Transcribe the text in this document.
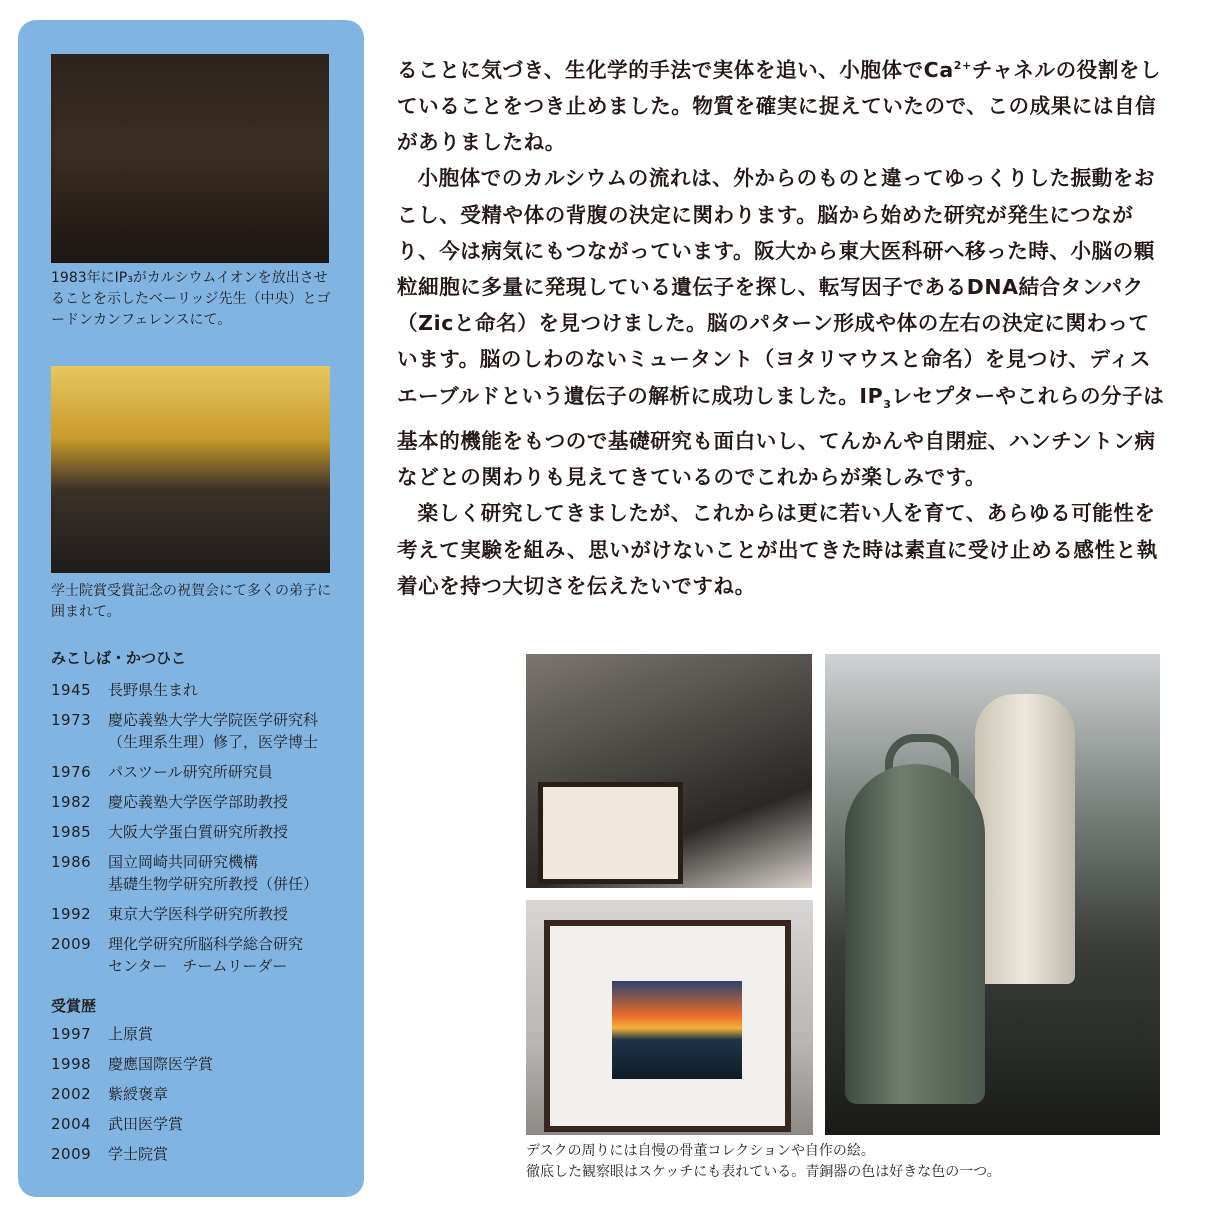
1983年にIP₃がカルシウムイオンを放出させることを示したベーリッジ先生（中央）とゴードンカンフェレンスにて。
学士院賞受賞記念の祝賀会にて多くの弟子に囲まれて。
みこしば・かつひこ
1945	長野県生まれ
1973	慶応義塾大学大学院医学研究科
（生理系生理）修了，医学博士
1976	パスツール研究所研究員
1982	慶応義塾大学医学部助教授
1985	大阪大学蛋白質研究所教授
1986	国立岡崎共同研究機構
基礎生物学研究所教授（併任）
1992	東京大学医科学研究所教授
2009	理化学研究所脳科学総合研究
センター　チームリーダー
受賞歴
1997	上原賞
1998	慶應国際医学賞
2002	紫綬褒章
2004	武田医学賞
2009	学士院賞

ることに気づき、生化学的手法で実体を追い、小胞体で$Ca^{2+}$チャネルの役割をしていることをつき止めました。物質を確実に捉えていたので、この成果には自信がありましたね。

小胞体でのカルシウムの流れは、外からのものと違ってゆっくりした振動をおこし、受精や体の背腹の決定に関わります。脳から始めた研究が発生につながり、今は病気にもつながっています。阪大から東大医科研へ移った時、小脳の顆粒細胞に多量に発現している遺伝子を探し、転写因子であるDNA結合タンパク（Zicと命名）を見つけました。脳のパターン形成や体の左右の決定に関わっています。脳のしわのないミュータント（ヨタリマウスと命名）を見つけ、ディスエーブルドという遺伝子の解析に成功しました。$IP_3$レセプターやこれらの分子は基本的機能をもつので基礎研究も面白いし、てんかんや自閉症、ハンチントン病などとの関わりも見えてきているのでこれからが楽しみです。

楽しく研究してきましたが、これからは更に若い人を育て、あらゆる可能性を考えて実験を組み、思いがけないことが出てきた時は素直に受け止める感性と執着心を持つ大切さを伝えたいですね。

デスクの周りには自慢の骨董コレクションや自作の絵。
徹底した観察眼はスケッチにも表れている。青銅器の色は好きな色の一つ。
